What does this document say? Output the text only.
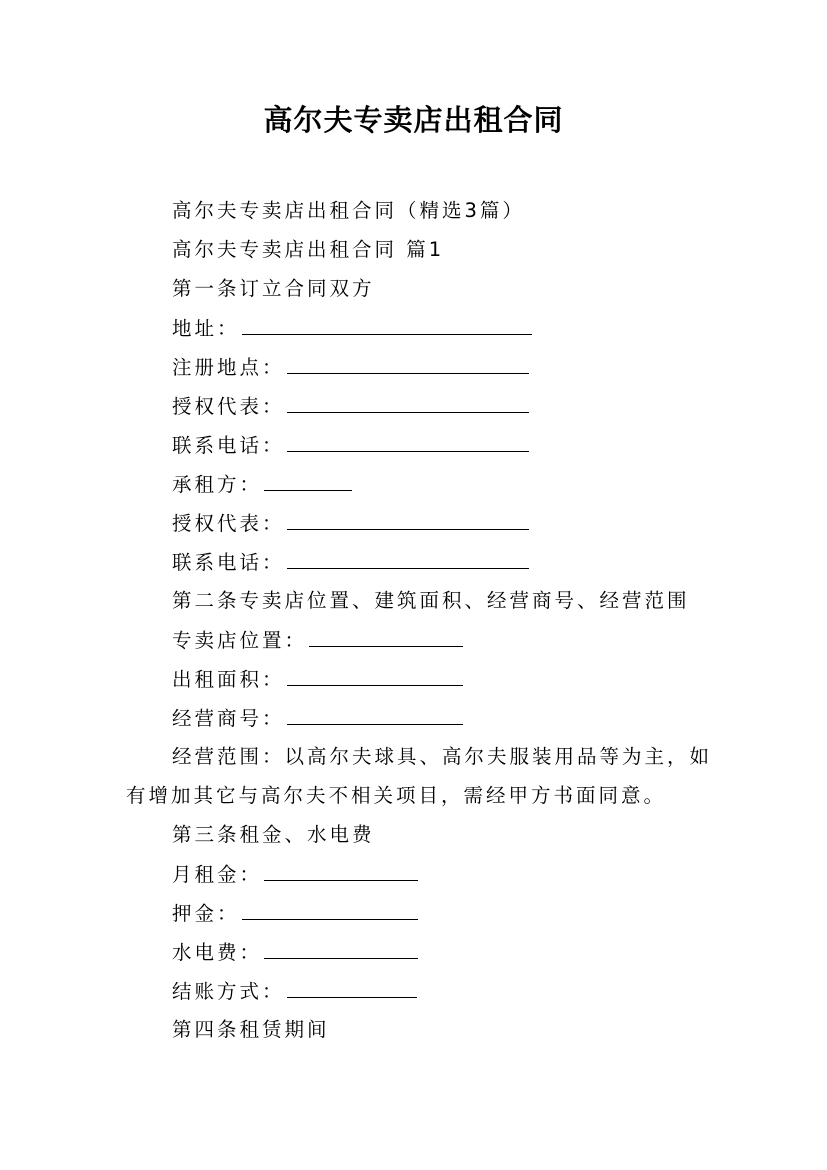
高尔夫专卖店出租合同
高尔夫专卖店出租合同（精选3篇）
高尔夫专卖店出租合同 篇1
第一条订立合同双方
地址：
注册地点：
授权代表：
联系电话：
承租方：
授权代表：
联系电话：
第二条专卖店位置、建筑面积、经营商号、经营范围
专卖店位置：
出租面积：
经营商号：
经营范围：以高尔夫球具、高尔夫服装用品等为主，如
有增加其它与高尔夫不相关项目，需经甲方书面同意。
第三条租金、水电费
月租金：
押金：
水电费：
结账方式：
第四条租赁期间
